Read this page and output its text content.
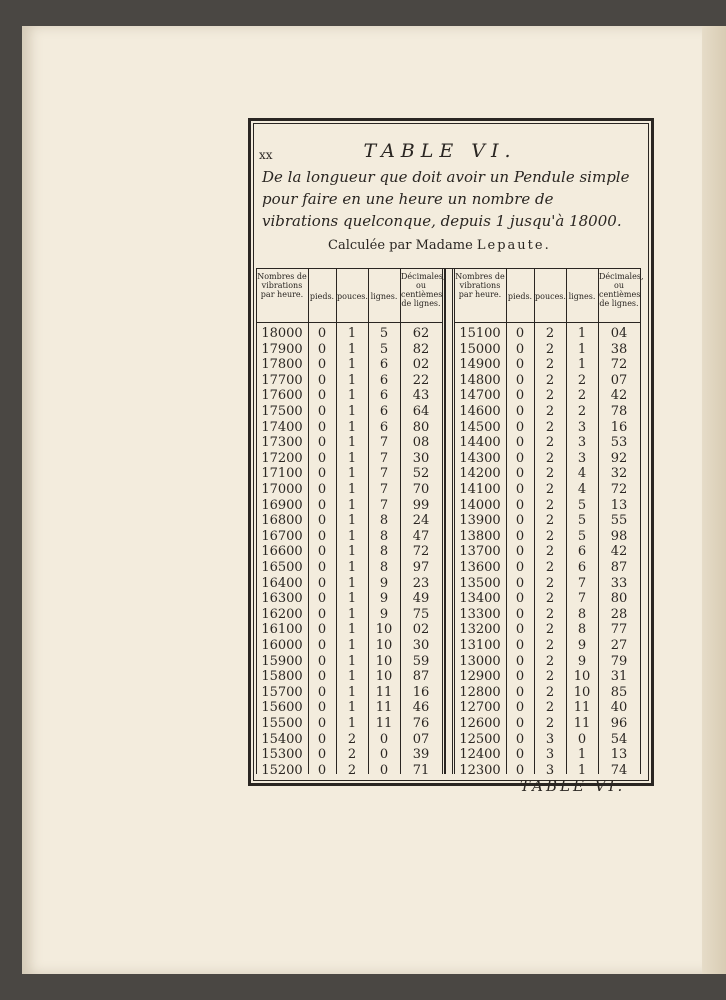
xx	TABLE VI.
De la longueur que doit avoir un Pendule simple pour faire en une heure un nombre de vibrations quelconque, depuis 1 jusqu'à 18000.
Calculée par Madame Lepaute.
TABLE VI.
Nombres de vibrations par heure.
18000
17900
17800
17700
17600
17500
17400
17300
17200
17100
17000
16900
16800
16700
16600
16500
16400
16300
16200
16100
16000
15900
15800
15700
15600
15500
15400
15300
15200
pieds.
0
0
0
0
0
0
0
0
0
0
0
0
0
0
0
0
0
0
0
0
0
0
0
0
0
0
0
0
0
pouces.
1
1
1
1
1
1
1
1
1
1
1
1
1
1
1
1
1
1
1
1
1
1
1
1
1
1
2
2
2
lignes.
5
5
6
6
6
6
6
7
7
7
7
7
8
8
8
8
9
9
9
10
10
10
10
11
11
11
0
0
0
Décimales, ou centièmes de lignes.
62
82
02
22
43
64
80
08
30
52
70
99
24
47
72
97
23
49
75
02
30
59
87
16
46
76
07
39
71
Nombres de vibrations par heure.
15100
15000
14900
14800
14700
14600
14500
14400
14300
14200
14100
14000
13900
13800
13700
13600
13500
13400
13300
13200
13100
13000
12900
12800
12700
12600
12500
12400
12300
pieds.
0
0
0
0
0
0
0
0
0
0
0
0
0
0
0
0
0
0
0
0
0
0
0
0
0
0
0
0
0
pouces.
2
2
2
2
2
2
2
2
2
2
2
2
2
2
2
2
2
2
2
2
2
2
2
2
2
2
3
3
3
lignes.
1
1
1
2
2
2
3
3
3
4
4
5
5
5
6
6
7
7
8
8
9
9
10
10
11
11
0
1
1
Décimales, ou centièmes de lignes.
04
38
72
07
42
78
16
53
92
32
72
13
55
98
42
87
33
80
28
77
27
79
31
85
40
96
54
13
74
